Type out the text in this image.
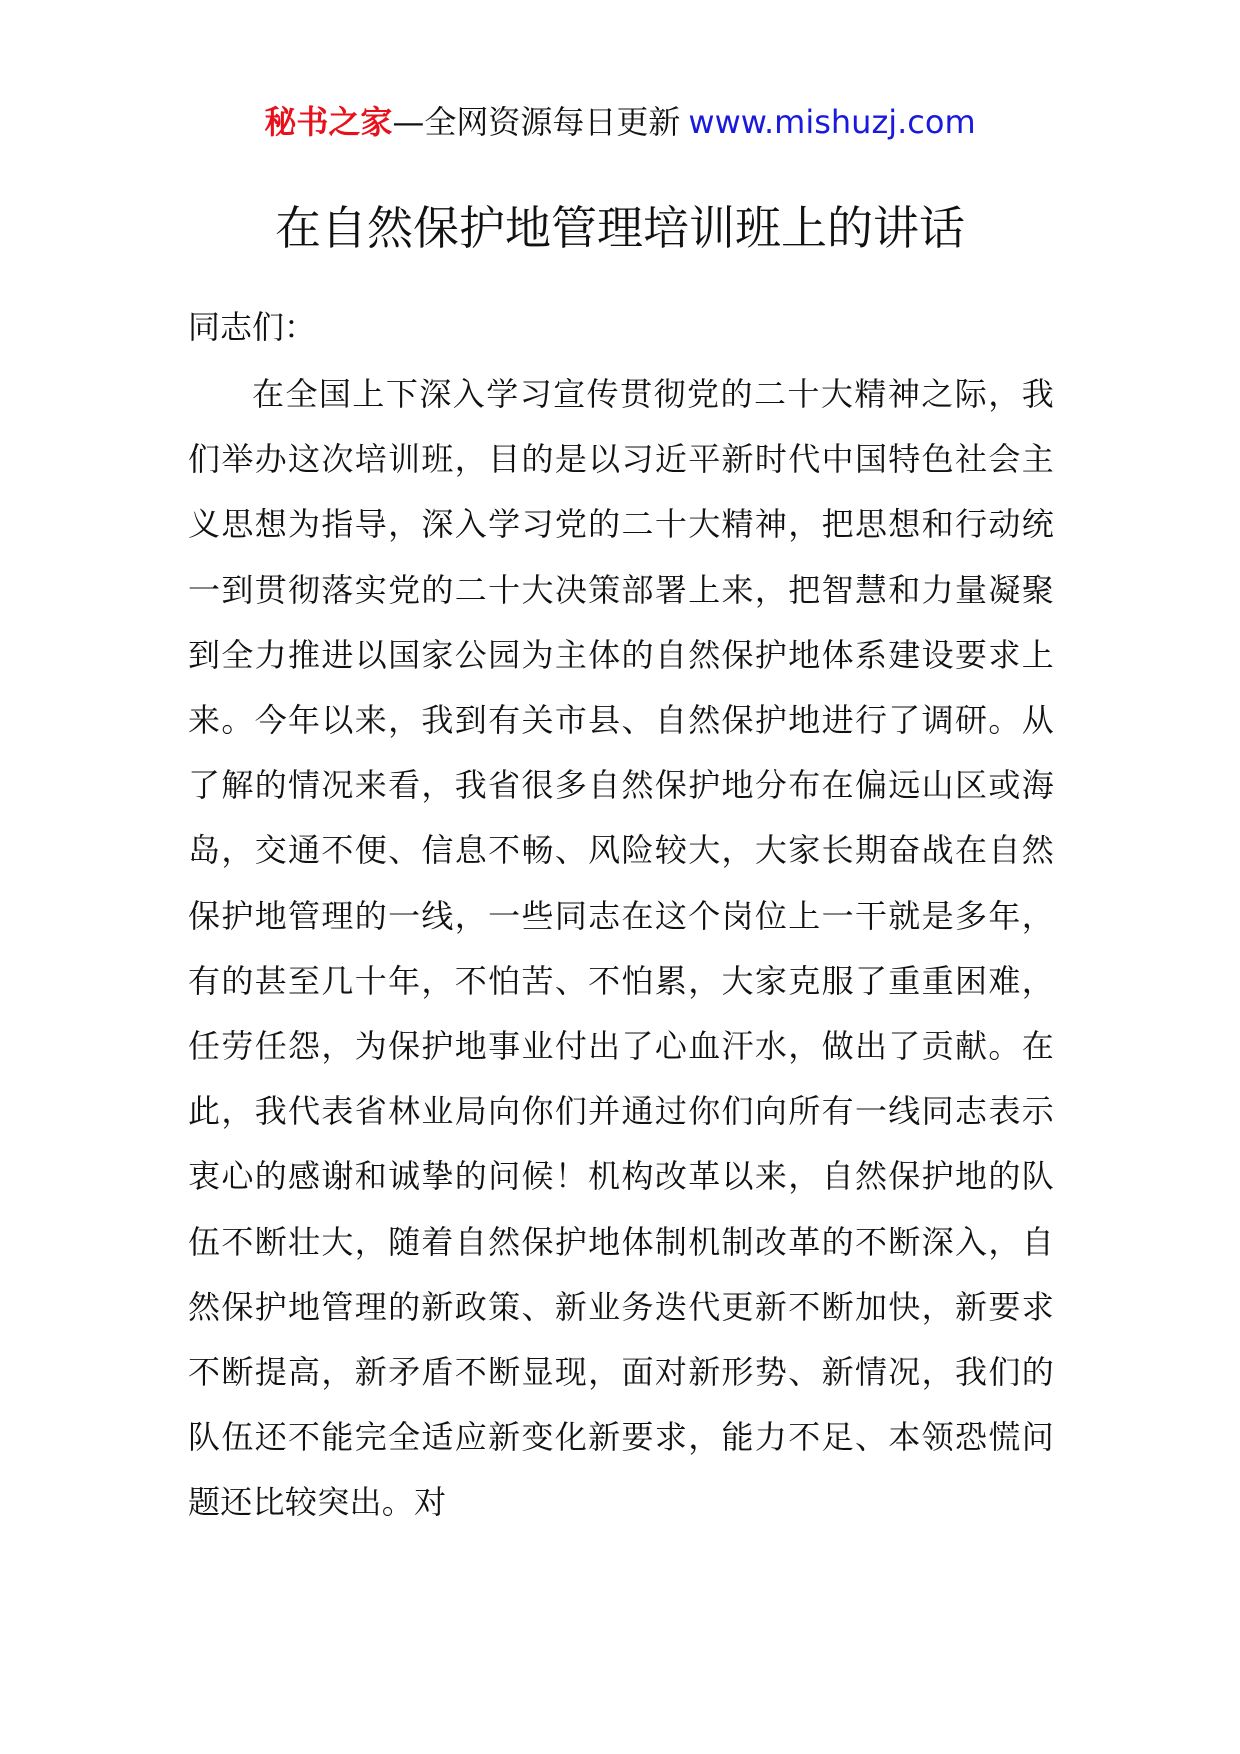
秘书之家—全网资源每日更新 www.mishuzj.com
在自然保护地管理培训班上的讲话

同志们：

在全国上下深入学习宣传贯彻党的二十大精神之际，我们举办这次培训班，目的是以习近平新时代中国特色社会主义思想为指导，深入学习党的二十大精神，把思想和行动统一到贯彻落实党的二十大决策部署上来，把智慧和力量凝聚到全力推进以国家公园为主体的自然保护地体系建设要求上来。今年以来，我到有关市县、自然保护地进行了调研。从了解的情况来看，我省很多自然保护地分布在偏远山区或海岛，交通不便、信息不畅、风险较大，大家长期奋战在自然保护地管理的一线，一些同志在这个岗位上一干就是多年，有的甚至几十年，不怕苦、不怕累，大家克服了重重困难，任劳任怨，为保护地事业付出了心血汗水，做出了贡献。在此，我代表省林业局向你们并通过你们向所有一线同志表示衷心的感谢和诚挚的问候！机构改革以来，自然保护地的队伍不断壮大，随着自然保护地体制机制改革的不断深入，自然保护地管理的新政策、新业务迭代更新不断加快，新要求不断提高，新矛盾不断显现，面对新形势、新情况，我们的队伍还不能完全适应新变化新要求，能力不足、本领恐慌问题还比较突出。对
